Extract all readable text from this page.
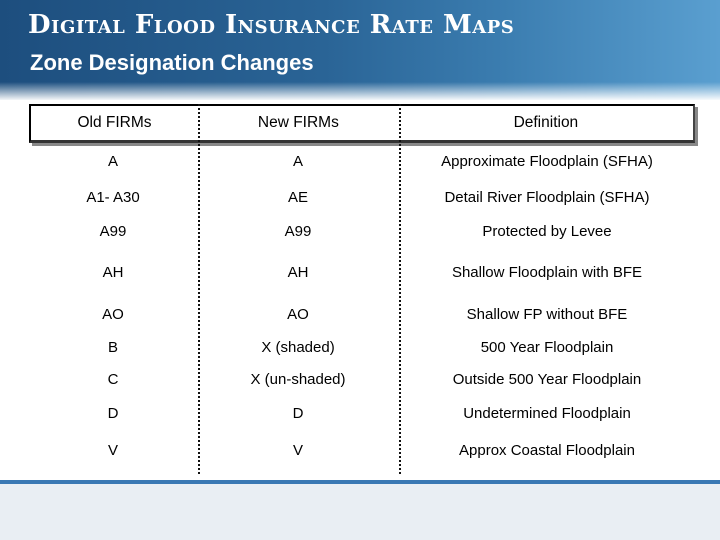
Digital Flood Insurance Rate Maps
Zone Designation Changes
Old FIRMs	New FIRMs	Definition
A	A	Approximate Floodplain (SFHA)
A1- A30	AE	Detail River Floodplain (SFHA)
A99	A99	Protected by Levee
AH	AH	Shallow Floodplain with BFE
AO	AO	Shallow FP without BFE
B	X (shaded)	500 Year Floodplain
C	X (un-shaded)	Outside 500 Year Floodplain
D	D	Undetermined Floodplain
V	V	Approx Coastal Floodplain
